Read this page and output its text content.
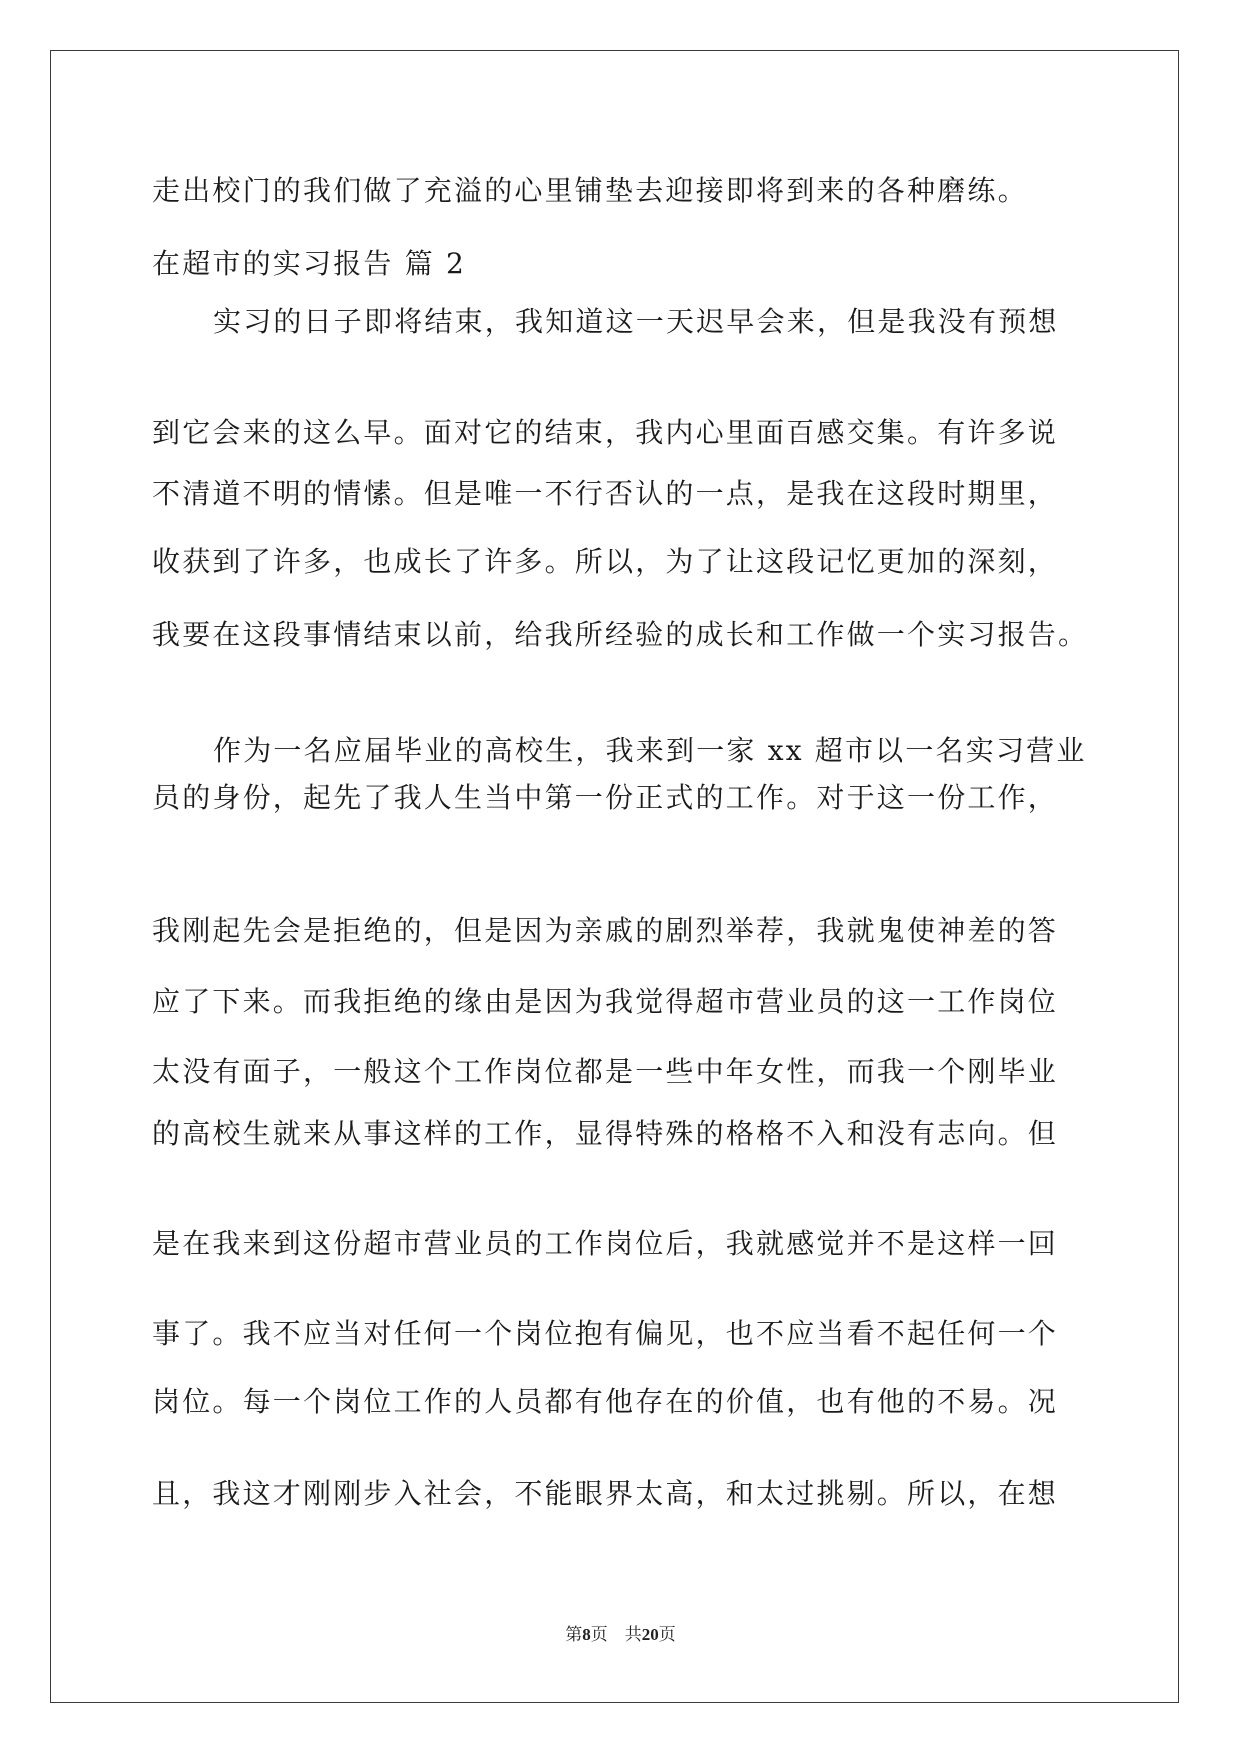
走出校门的我们做了充溢的心里铺垫去迎接即将到来的各种磨练。
在超市的实习报告 篇 2
实习的日子即将结束，我知道这一天迟早会来，但是我没有预想
到它会来的这么早。面对它的结束，我内心里面百感交集。有许多说
不清道不明的情愫。但是唯一不行否认的一点，是我在这段时期里，
收获到了许多，也成长了许多。所以，为了让这段记忆更加的深刻，
我要在这段事情结束以前，给我所经验的成长和工作做一个实习报告。
作为一名应届毕业的高校生，我来到一家 xx 超市以一名实习营业
员的身份，起先了我人生当中第一份正式的工作。对于这一份工作，
我刚起先会是拒绝的，但是因为亲戚的剧烈举荐，我就鬼使神差的答
应了下来。而我拒绝的缘由是因为我觉得超市营业员的这一工作岗位
太没有面子，一般这个工作岗位都是一些中年女性，而我一个刚毕业
的高校生就来从事这样的工作，显得特殊的格格不入和没有志向。但
是在我来到这份超市营业员的工作岗位后，我就感觉并不是这样一回
事了。我不应当对任何一个岗位抱有偏见，也不应当看不起任何一个
岗位。每一个岗位工作的人员都有他存在的价值，也有他的不易。况
且，我这才刚刚步入社会，不能眼界太高，和太过挑剔。所以，在想
第8页 共20页
